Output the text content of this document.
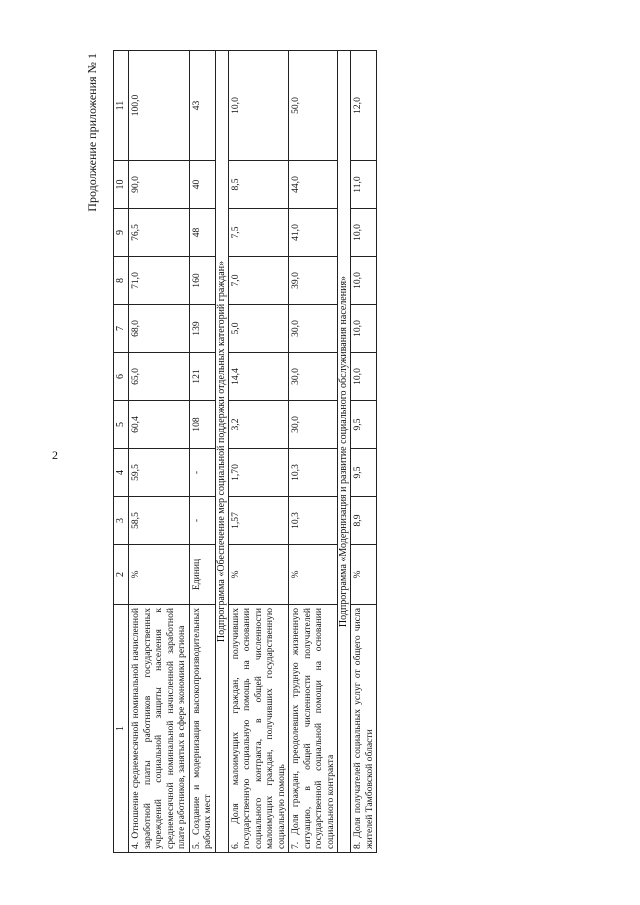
2
Продолжение приложения № 1
1	2	3	4	5	6	7	8	9	10	11
4. Отношение среднемесячной номинальной начисленной заработной платы работников государственных учреждений социальной защиты населения к среднемесячной номинальной начисленной заработной плате работников, занятых в сфере экономики региона	%	58,5	59,5	60,4	65,0	68,0	71,0	76,5	90,0	100,0
5. Создание и модернизация высокопроизводительных рабочих мест	Единиц	-	-	108	121	139	160	48	40	43
Подпрограмма «Обеспечение мер социальной поддержки отдельных категорий граждан»										
6. Доля малоимущих граждан, получивших государственную социальную помощь на основании социального контракта, в общей численности малоимущих граждан, получивших государственную социальную помощь	%	1,57	1,70	3,2	14,4	5,0	7,0	7,5	8,5	10,0
7. Доля граждан, преодолевших трудную жизненную ситуацию, в общей численности получателей государственной социальной помощи на основании социального контракта	%	10,3	10,3	30,0	30,0	30,0	39,0	41,0	44,0	50,0
Подпрограмма «Модернизация и развитие социального обслуживания населения»										
8. Доля получателей социальных услуг от общего числа жителей Тамбовской области	%	8,9	9,5	9,5	10,0	10,0	10,0	10,0	11,0	12,0
